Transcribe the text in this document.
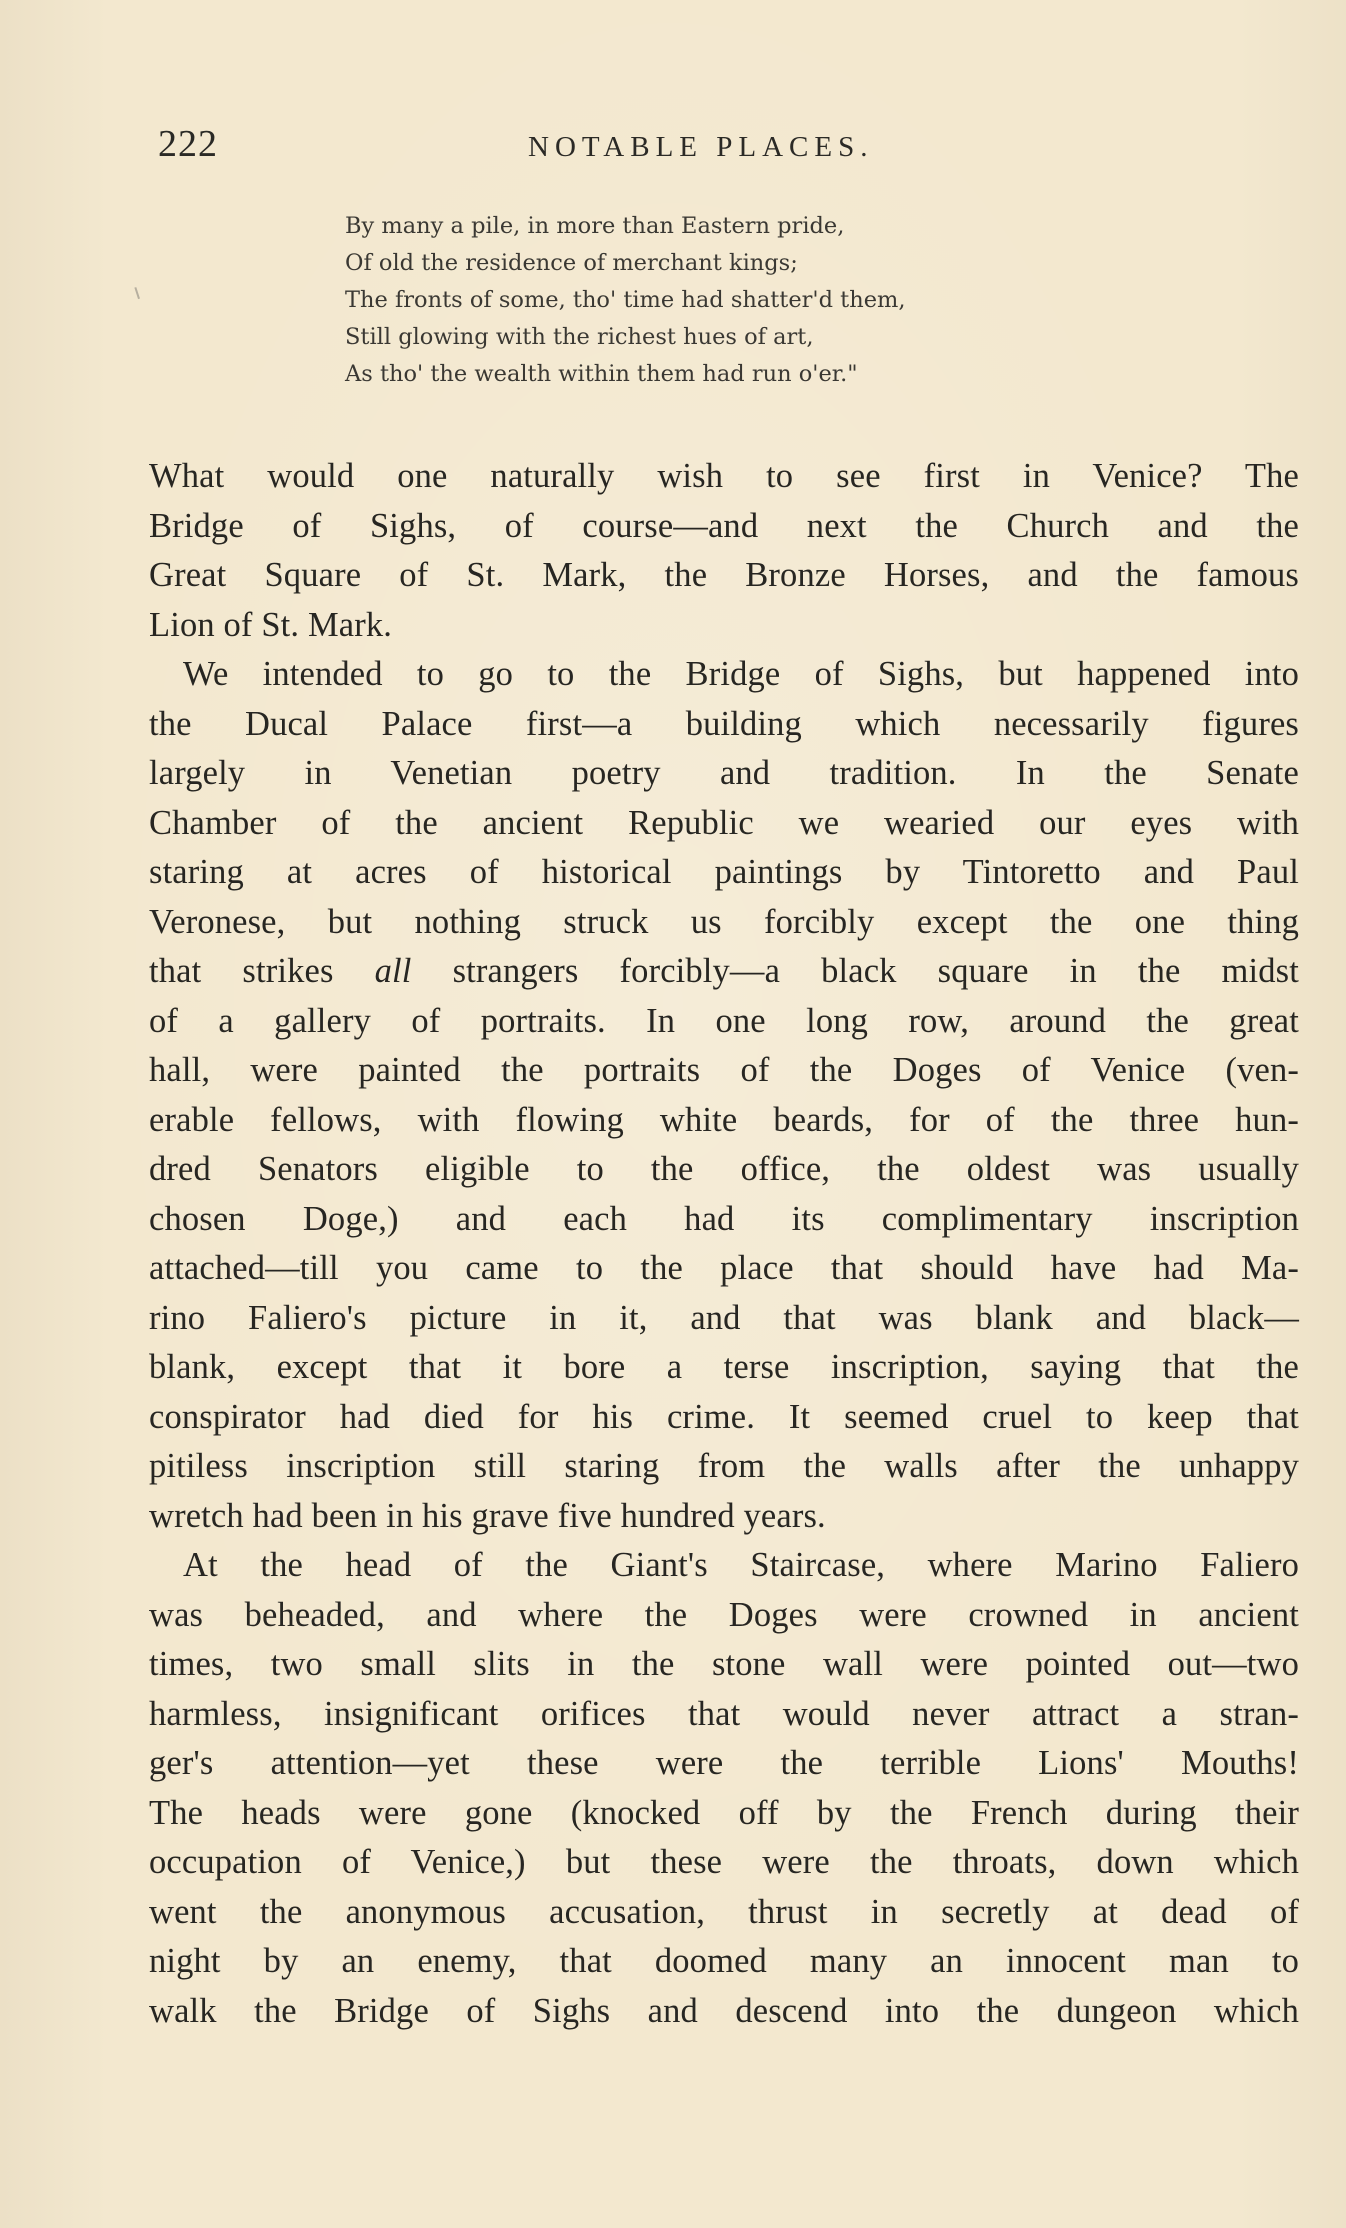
222	NOTABLE PLACES.
By many a pile, in more than Eastern pride,
Of old the residence of merchant kings;
The fronts of some, tho' time had shatter'd them,
Still glowing with the richest hues of art,
As tho' the wealth within them had run o'er."
What would one naturally wish to see first in Venice? The
Bridge of Sighs, of course—and next the Church and the
Great Square of St. Mark, the Bronze Horses, and the famous
Lion of St. Mark.
We intended to go to the Bridge of Sighs, but happened into
the Ducal Palace first—a building which necessarily figures
largely in Venetian poetry and tradition. In the Senate
Chamber of the ancient Republic we wearied our eyes with
staring at acres of historical paintings by Tintoretto and Paul
Veronese, but nothing struck us forcibly except the one thing
that strikes all strangers forcibly—a black square in the midst
of a gallery of portraits. In one long row, around the great
hall, were painted the portraits of the Doges of Venice (ven-
erable fellows, with flowing white beards, for of the three hun-
dred Senators eligible to the office, the oldest was usually
chosen Doge,) and each had its complimentary inscription
attached—till you came to the place that should have had Ma-
rino Faliero's picture in it, and that was blank and black—
blank, except that it bore a terse inscription, saying that the
conspirator had died for his crime. It seemed cruel to keep that
pitiless inscription still staring from the walls after the unhappy
wretch had been in his grave five hundred years.
At the head of the Giant's Staircase, where Marino Faliero
was beheaded, and where the Doges were crowned in ancient
times, two small slits in the stone wall were pointed out—two
harmless, insignificant orifices that would never attract a stran-
ger's attention—yet these were the terrible Lions' Mouths!
The heads were gone (knocked off by the French during their
occupation of Venice,) but these were the throats, down which
went the anonymous accusation, thrust in secretly at dead of
night by an enemy, that doomed many an innocent man to
walk the Bridge of Sighs and descend into the dungeon which
